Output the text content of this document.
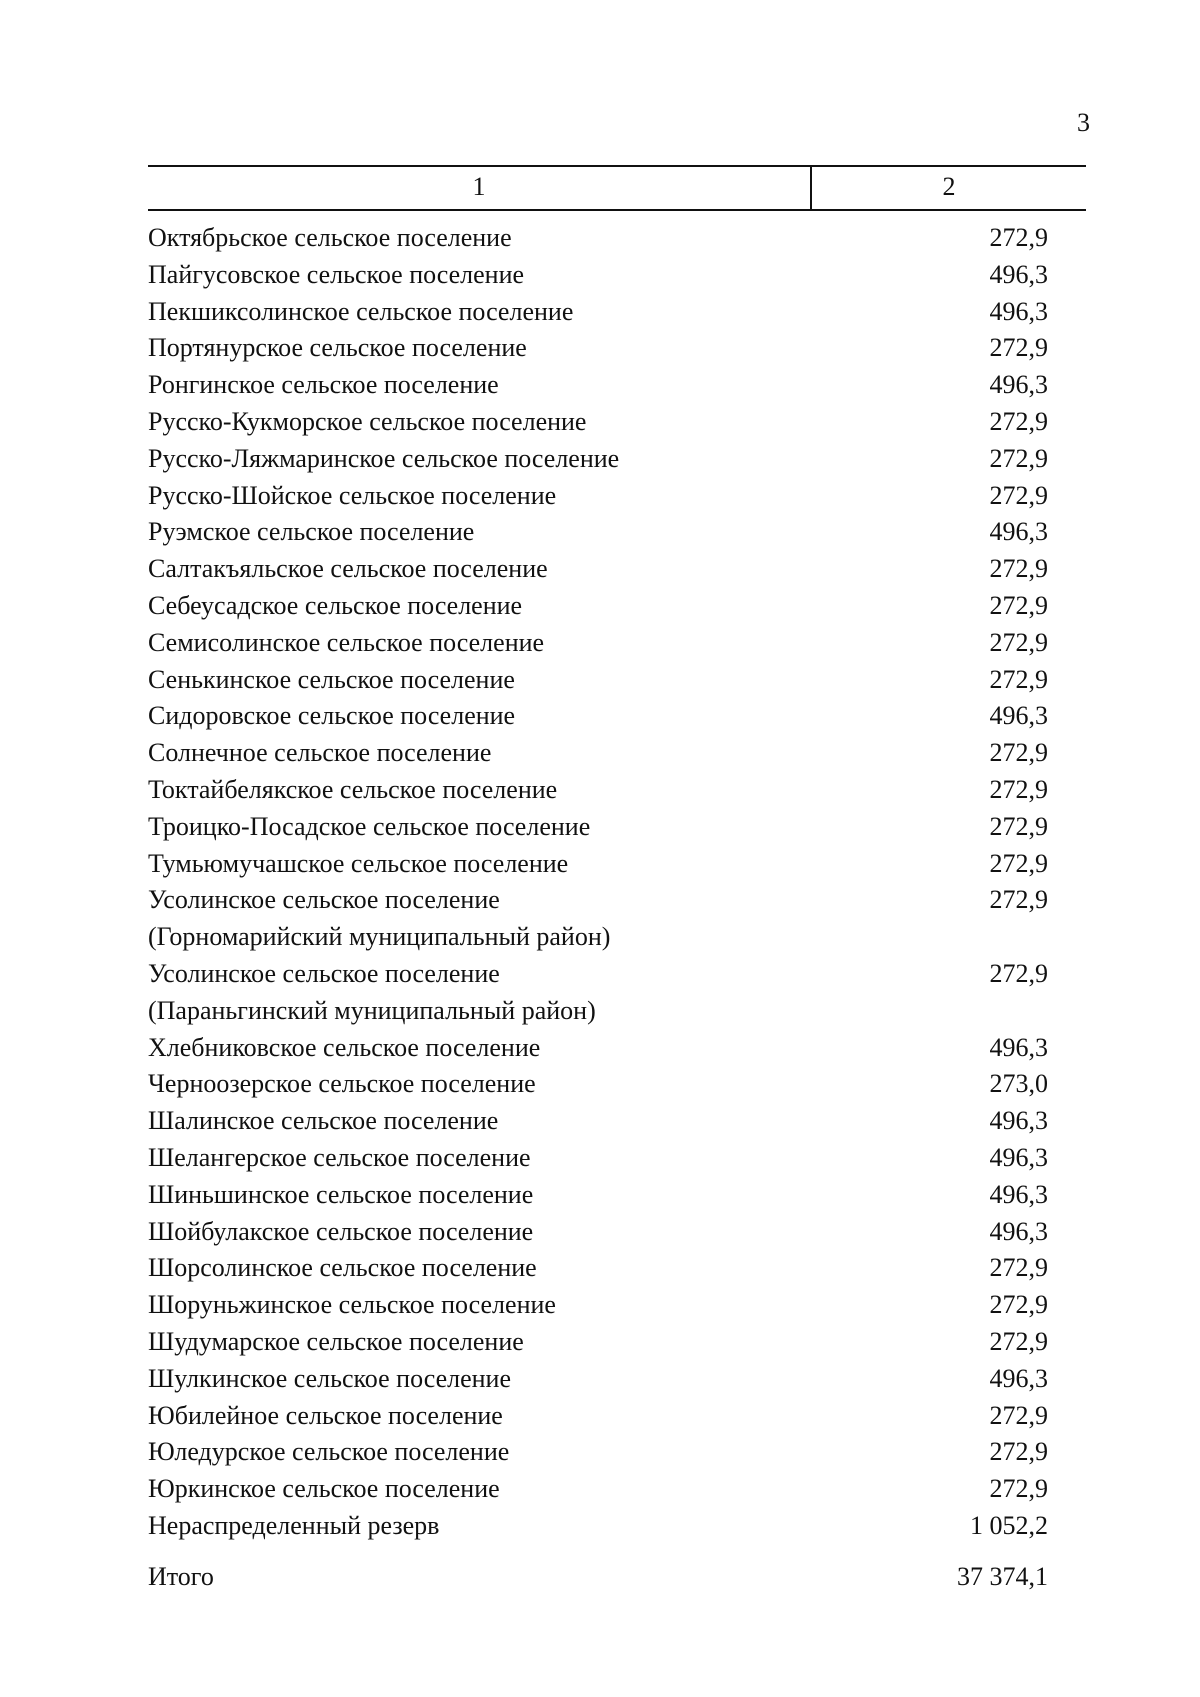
3
1	2
Октябрьское сельское поселение	272,9
Пайгусовское сельское поселение	496,3
Пекшиксолинское сельское поселение	496,3
Портянурское сельское поселение	272,9
Ронгинское сельское поселение	496,3
Русско-Кукморское сельское поселение	272,9
Русско-Ляжмаринское сельское поселение	272,9
Русско-Шойское сельское поселение	272,9
Руэмское сельское поселение	496,3
Салтакъяльское сельское поселение	272,9
Себеусадское сельское поселение	272,9
Семисолинское сельское поселение	272,9
Сенькинское сельское поселение	272,9
Сидоровское сельское поселение	496,3
Солнечное сельское поселение	272,9
Токтайбелякское сельское поселение	272,9
Троицко-Посадское сельское поселение	272,9
Тумьюмучашское сельское поселение	272,9
Усолинское сельское поселение	272,9
(Горномарийский муниципальный район)
Усолинское сельское поселение	272,9
(Параньгинский муниципальный район)
Хлебниковское сельское поселение	496,3
Черноозерское сельское поселение	273,0
Шалинское сельское поселение	496,3
Шелангерское сельское поселение	496,3
Шиньшинское сельское поселение	496,3
Шойбулакское сельское поселение	496,3
Шорсолинское сельское поселение	272,9
Шоруньжинское сельское поселение	272,9
Шудумарское сельское поселение	272,9
Шулкинское сельское поселение	496,3
Юбилейное сельское поселение	272,9
Юледурское сельское поселение	272,9
Юркинское сельское поселение	272,9
Нераспределенный резерв	1 052,2
Итого	37 374,1
